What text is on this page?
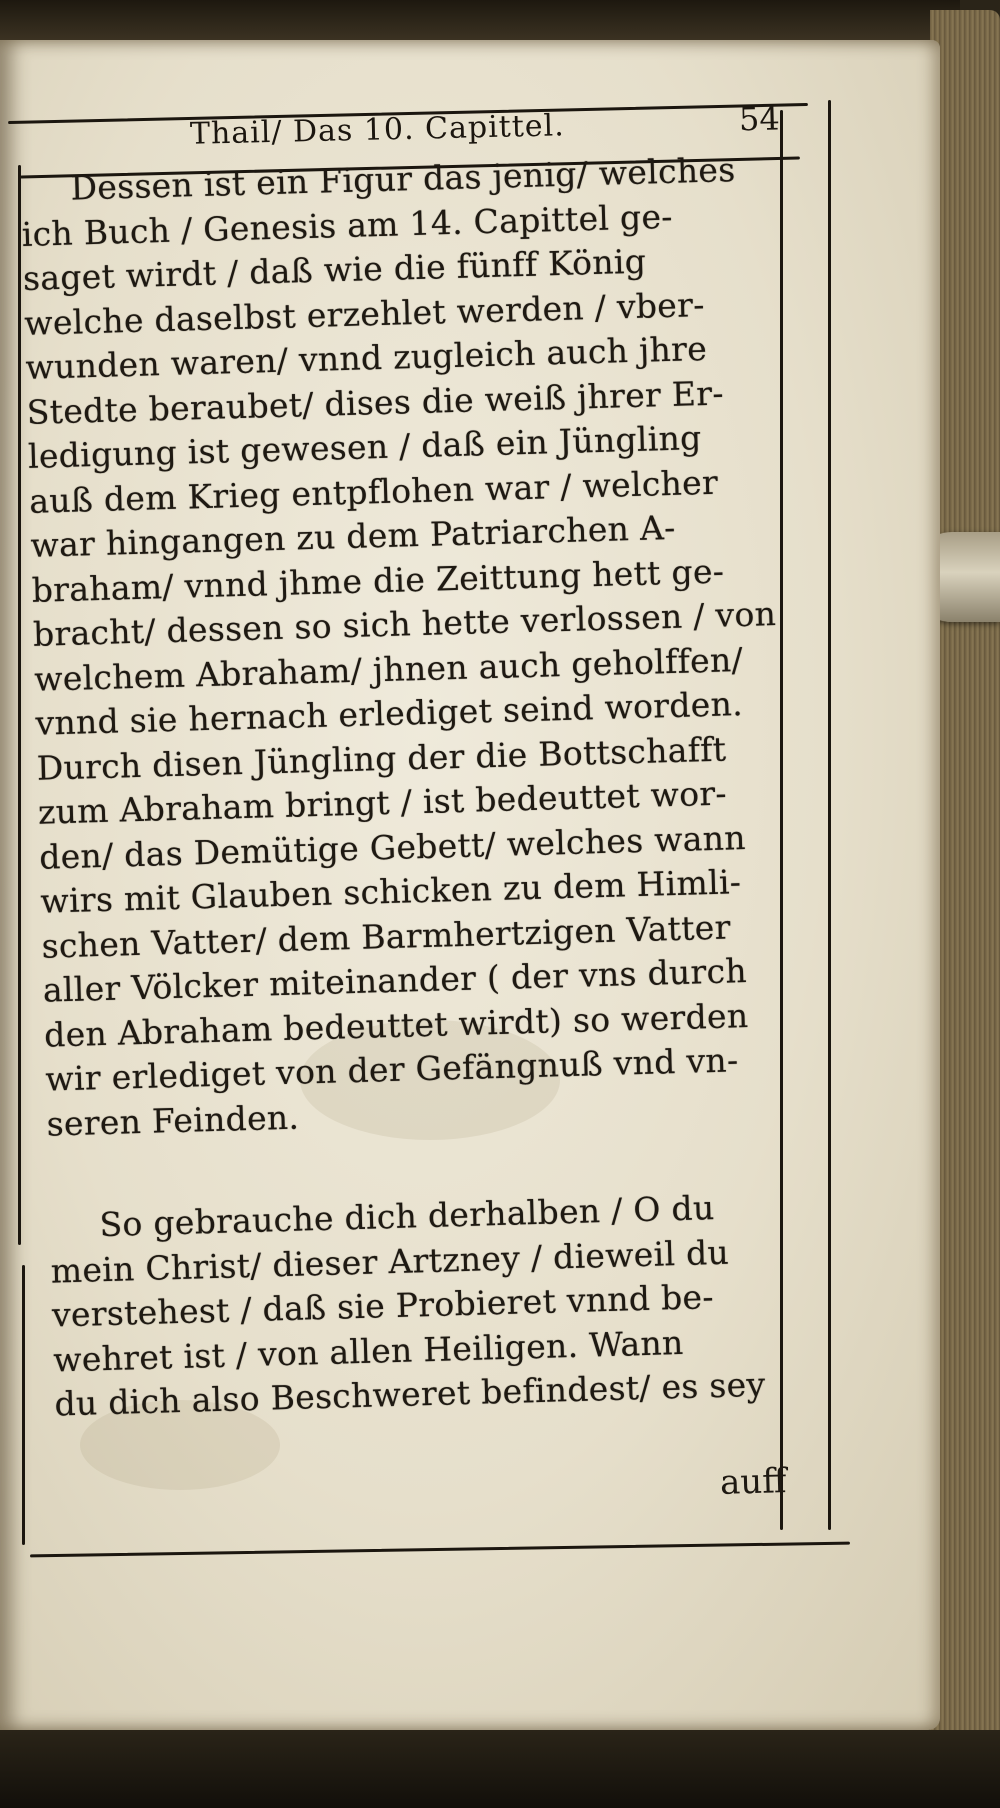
Thail/ Das 10. Capittel.	54
Dessen ist ein Figur das jenig/ welches
ich Buch / Genesis am 14. Capittel ge-
saget wirdt / daß wie die fünff König
welche daselbst erzehlet werden / vber-
wunden waren/ vnnd zugleich auch jhre
Stedte beraubet/ dises die weiß jhrer Er-
ledigung ist gewesen / daß ein Jüngling
auß dem Krieg entpflohen war / welcher
war hingangen zu dem Patriarchen A-
braham/ vnnd jhme die Zeittung hett ge-
bracht/ dessen so sich hette verlossen / von
welchem Abraham/ jhnen auch geholffen/
vnnd sie hernach erlediget seind worden.
Durch disen Jüngling der die Bottschafft
zum Abraham bringt / ist bedeuttet wor-
den/ das Demütige Gebett/ welches wann
wirs mit Glauben schicken zu dem Himli-
schen Vatter/ dem Barmhertzigen Vatter
aller Völcker miteinander ( der vns durch
den Abraham bedeuttet wirdt) so werden
wir erlediget von der Gefängnuß vnd vn-
seren Feinden.
So gebrauche dich derhalben / O du
mein Christ/ dieser Artzney / dieweil du
verstehest / daß sie Probieret vnnd be-
wehret ist / von allen Heiligen. Wann
du dich also Beschweret befindest/ es sey
auff
